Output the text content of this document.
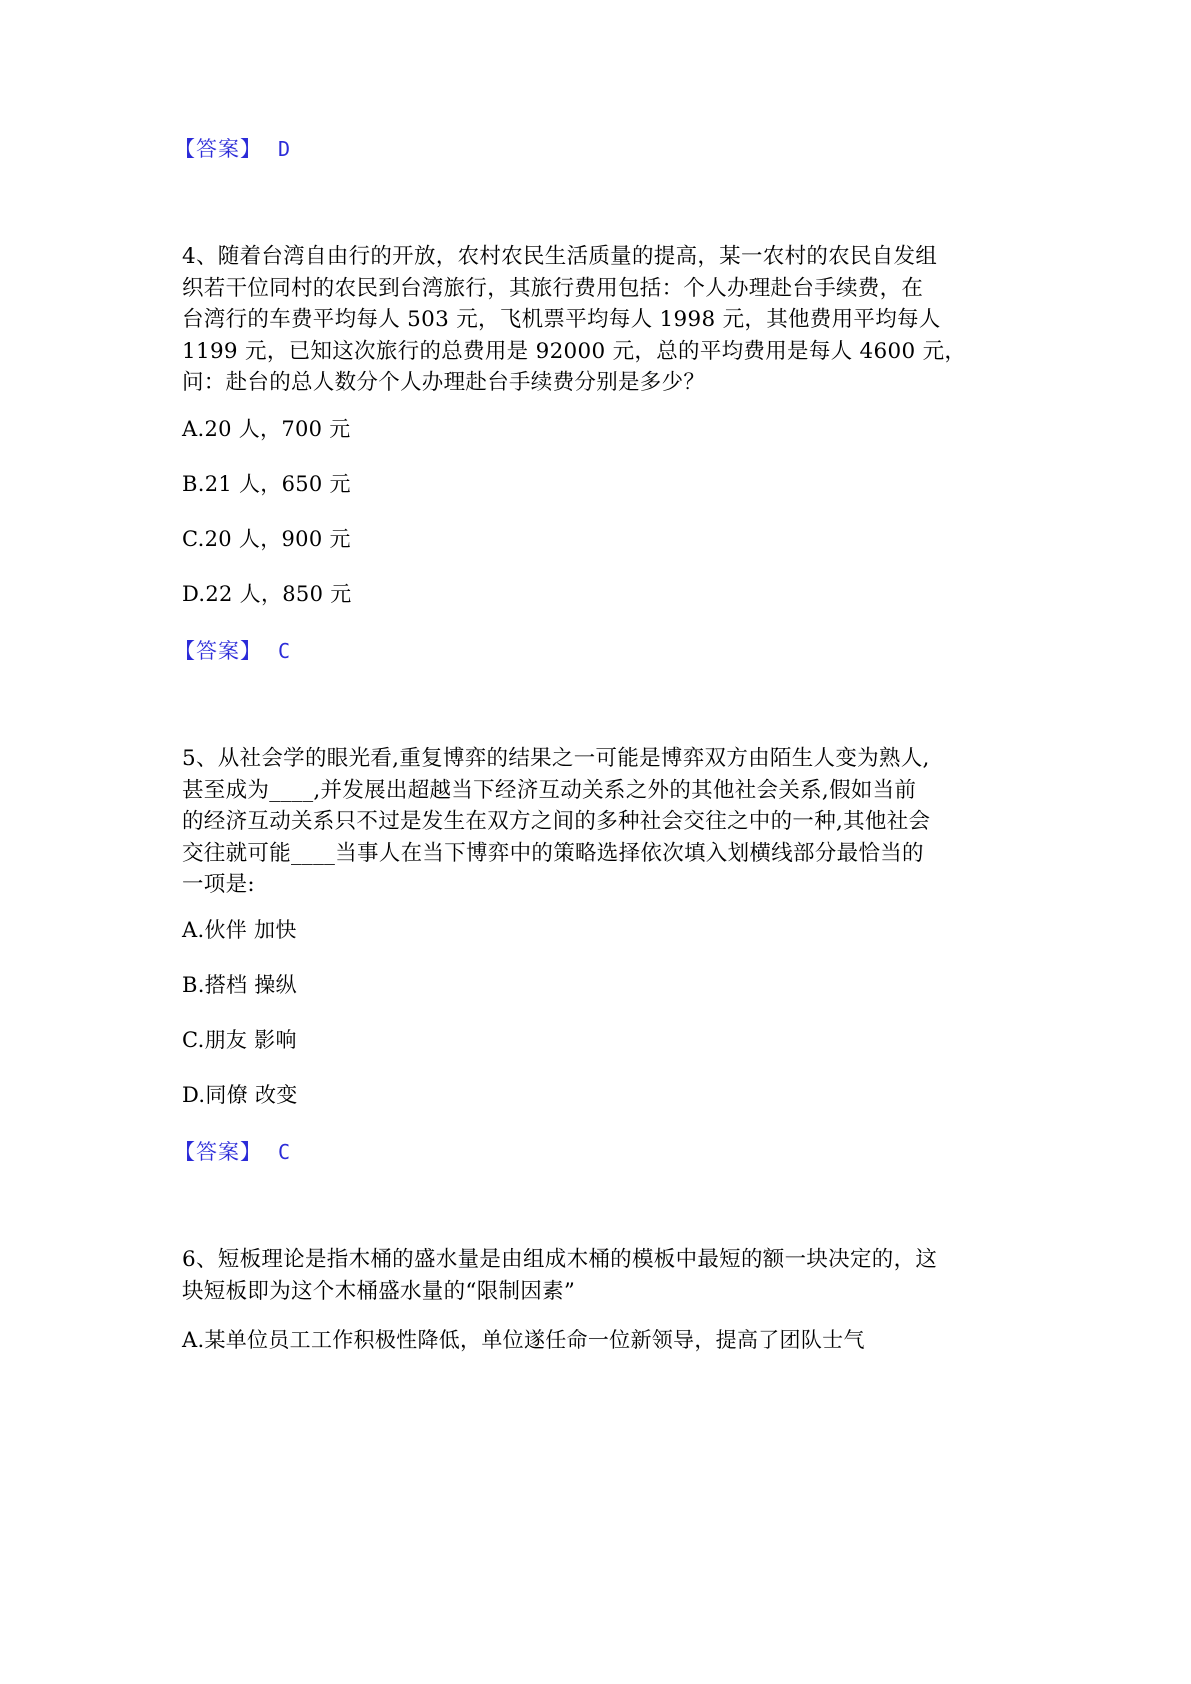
【答案】 D
4、随着台湾自由行的开放，农村农民生活质量的提高，某一农村的农民自发组
织若干位同村的农民到台湾旅行，其旅行费用包括：个人办理赴台手续费，在
台湾行的车费平均每人 503 元，飞机票平均每人 1998 元，其他费用平均每人
1199 元，已知这次旅行的总费用是 92000 元，总的平均费用是每人 4600 元，
问：赴台的总人数分个人办理赴台手续费分别是多少？
A.20 人，700 元
B.21 人，650 元
C.20 人，900 元
D.22 人，850 元
【答案】 C
5、从社会学的眼光看,重复博弈的结果之一可能是博弈双方由陌生人变为熟人,
甚至成为____,并发展出超越当下经济互动关系之外的其他社会关系,假如当前
的经济互动关系只不过是发生在双方之间的多种社会交往之中的一种,其他社会
交往就可能____当事人在当下博弈中的策略选择依次填入划横线部分最恰当的
一项是:
A.伙伴 加快
B.搭档 操纵
C.朋友 影响
D.同僚 改变
【答案】 C
6、短板理论是指木桶的盛水量是由组成木桶的模板中最短的额一块决定的，这
块短板即为这个木桶盛水量的“限制因素”
A.某单位员工工作积极性降低，单位遂任命一位新领导，提高了团队士气
